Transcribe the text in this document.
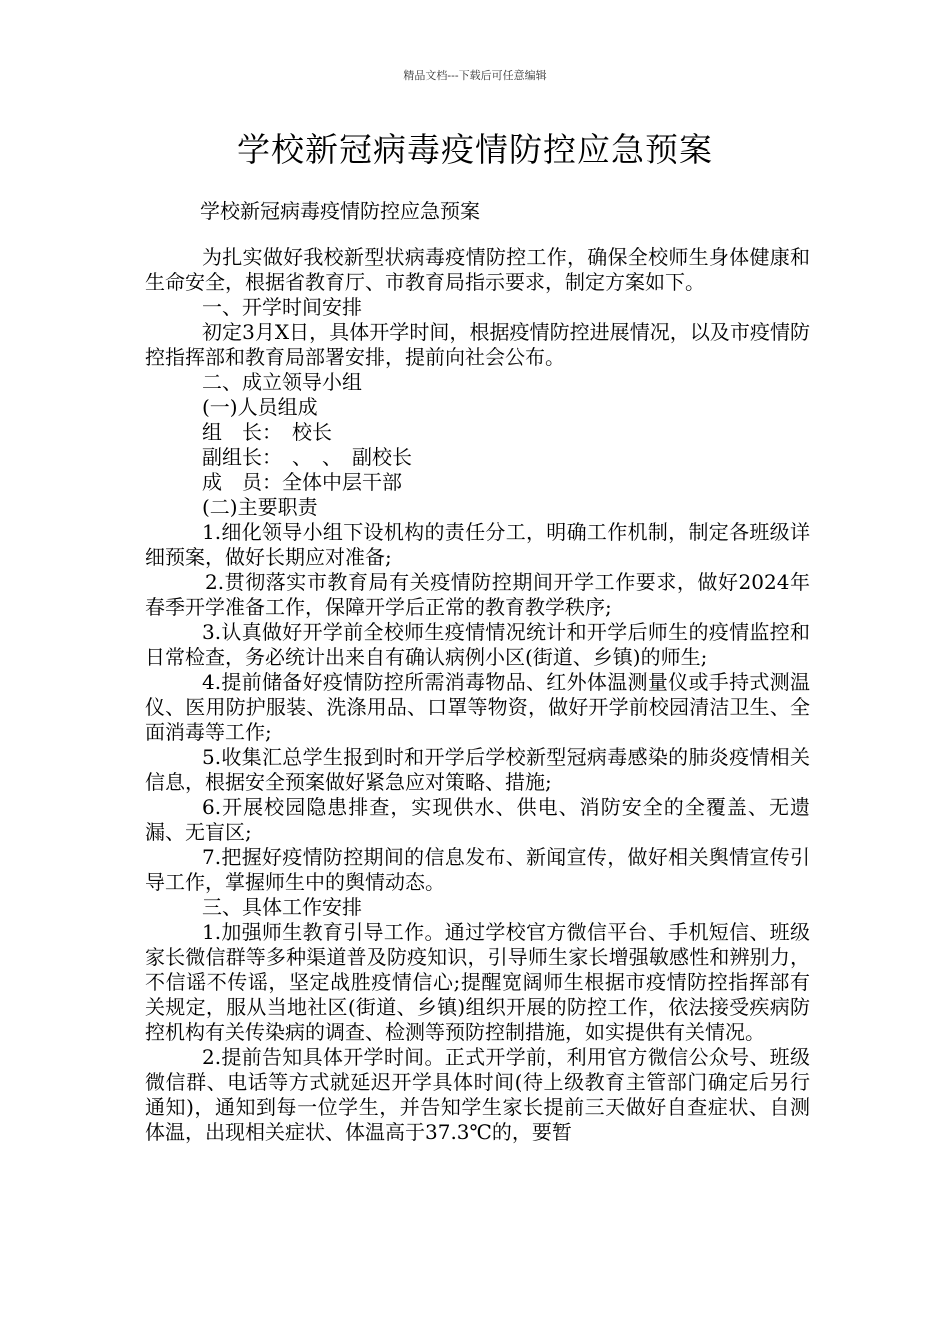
精品文档---下载后可任意编辑
学校新冠病毒疫情防控应急预案
学校新冠病毒疫情防控应急预案

为扎实做好我校新型状病毒疫情防控工作，确保全校师生身体健康和生命安全，根据省教育厅、市教育局指示要求，制定方案如下。

一、开学时间安排

初定3月X日，具体开学时间，根据疫情防控进展情况，以及市疫情防控指挥部和教育局部署安排，提前向社会公布。

二、成立领导小组

(一)人员组成

组　长：　校长

副组长：　、　、　副校长

成　员：全体中层干部

(二)主要职责

1.细化领导小组下设机构的责任分工，明确工作机制，制定各班级详细预案，做好长期应对准备;

2.贯彻落实市教育局有关疫情防控期间开学工作要求，做好2024年春季开学准备工作，保障开学后正常的教育教学秩序;

3.认真做好开学前全校师生疫情情况统计和开学后师生的疫情监控和日常检查，务必统计出来自有确认病例小区(街道、乡镇)的师生;

4.提前储备好疫情防控所需消毒物品、红外体温测量仪或手持式测温仪、医用防护服装、洗涤用品、口罩等物资，做好开学前校园清洁卫生、全面消毒等工作;

5.收集汇总学生报到时和开学后学校新型冠病毒感染的肺炎疫情相关信息，根据安全预案做好紧急应对策略、措施;

6.开展校园隐患排查，实现供水、供电、消防安全的全覆盖、无遗漏、无盲区;

7.把握好疫情防控期间的信息发布、新闻宣传，做好相关舆情宣传引导工作，掌握师生中的舆情动态。

三、具体工作安排

1.加强师生教育引导工作。通过学校官方微信平台、手机短信、班级家长微信群等多种渠道普及防疫知识，引导师生家长增强敏感性和辨别力，不信谣不传谣，坚定战胜疫情信心;提醒宽阔师生根据市疫情防控指挥部有关规定，服从当地社区(街道、乡镇)组织开展的防控工作，依法接受疾病防控机构有关传染病的调查、检测等预防控制措施，如实提供有关情况。

2.提前告知具体开学时间。正式开学前，利用官方微信公众号、班级微信群、电话等方式就延迟开学具体时间(待上级教育主管部门确定后另行通知)，通知到每一位学生，并告知学生家长提前三天做好自查症状、自测体温，出现相关症状、体温高于37.3℃的，要暂
